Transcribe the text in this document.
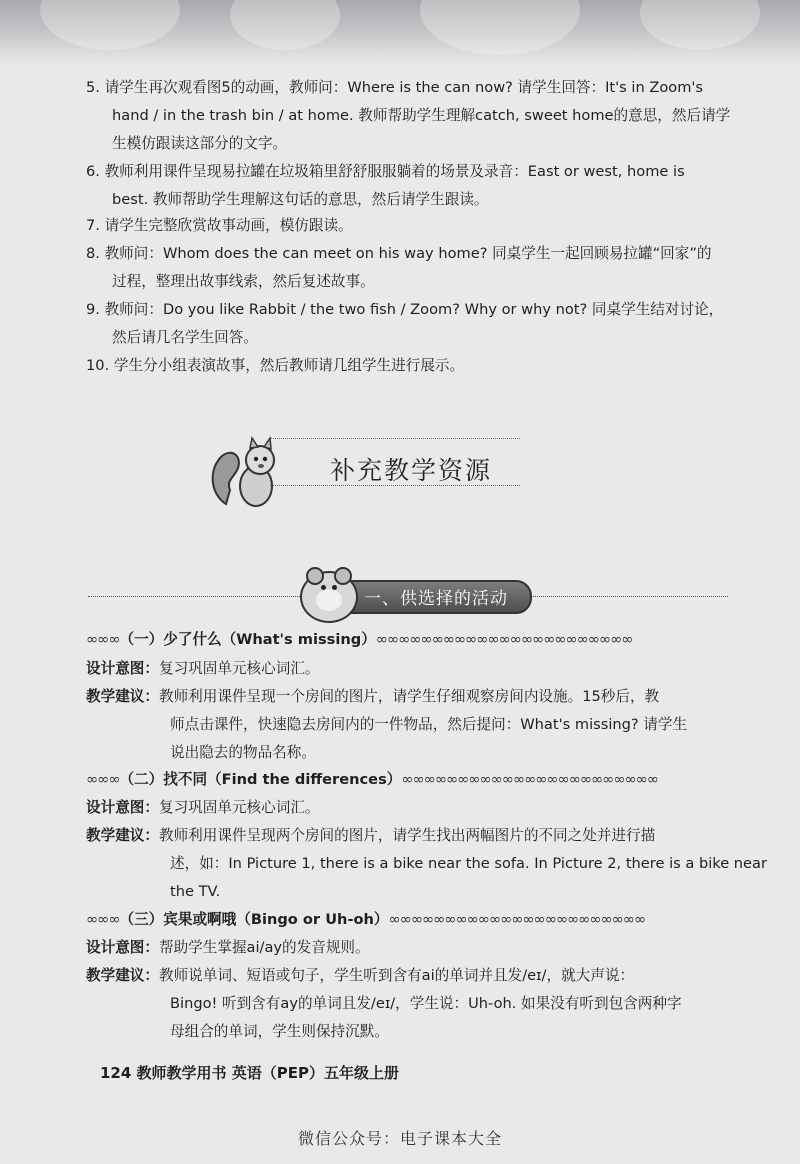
5. 请学生再次观看图5的动画，教师问：Where is the can now? 请学生回答：It's in Zoom's
hand / in the trash bin / at home. 教师帮助学生理解catch, sweet home的意思，然后请学
生模仿跟读这部分的文字。
6. 教师利用课件呈现易拉罐在垃圾箱里舒舒服服躺着的场景及录音：East or west, home is
best. 教师帮助学生理解这句话的意思，然后请学生跟读。
7. 请学生完整欣赏故事动画，模仿跟读。
8. 教师问：Whom does the can meet on his way home? 同桌学生一起回顾易拉罐“回家”的
过程，整理出故事线索，然后复述故事。
9. 教师问：Do you like Rabbit / the two fish / Zoom? Why or why not? 同桌学生结对讨论，
然后请几名学生回答。
10. 学生分小组表演故事，然后教师请几组学生进行展示。
补充教学资源
一、供选择的活动
∞∞∞（一）少了什么（What's missing）∞∞∞∞∞∞∞∞∞∞∞∞∞∞∞∞∞∞∞∞∞∞∞
设计意图：复习巩固单元核心词汇。
教学建议：教师利用课件呈现一个房间的图片，请学生仔细观察房间内设施。15秒后，教
师点击课件，快速隐去房间内的一件物品，然后提问：What's missing? 请学生
说出隐去的物品名称。
∞∞∞（二）找不同（Find the differences）∞∞∞∞∞∞∞∞∞∞∞∞∞∞∞∞∞∞∞∞∞∞∞
设计意图：复习巩固单元核心词汇。
教学建议：教师利用课件呈现两个房间的图片，请学生找出两幅图片的不同之处并进行描
述，如：In Picture 1, there is a bike near the sofa. In Picture 2, there is a bike near
the TV.
∞∞∞（三）宾果或啊哦（Bingo or Uh-oh）∞∞∞∞∞∞∞∞∞∞∞∞∞∞∞∞∞∞∞∞∞∞∞
设计意图：帮助学生掌握ai/ay的发音规则。
教学建议：教师说单词、短语或句子，学生听到含有ai的单词并且发/eɪ/，就大声说：
Bingo! 听到含有ay的单词且发/eɪ/，学生说：Uh-oh. 如果没有听到包含两种字
母组合的单词，学生则保持沉默。
124 教师教学用书 英语（PEP）五年级上册
微信公众号：电子课本大全
